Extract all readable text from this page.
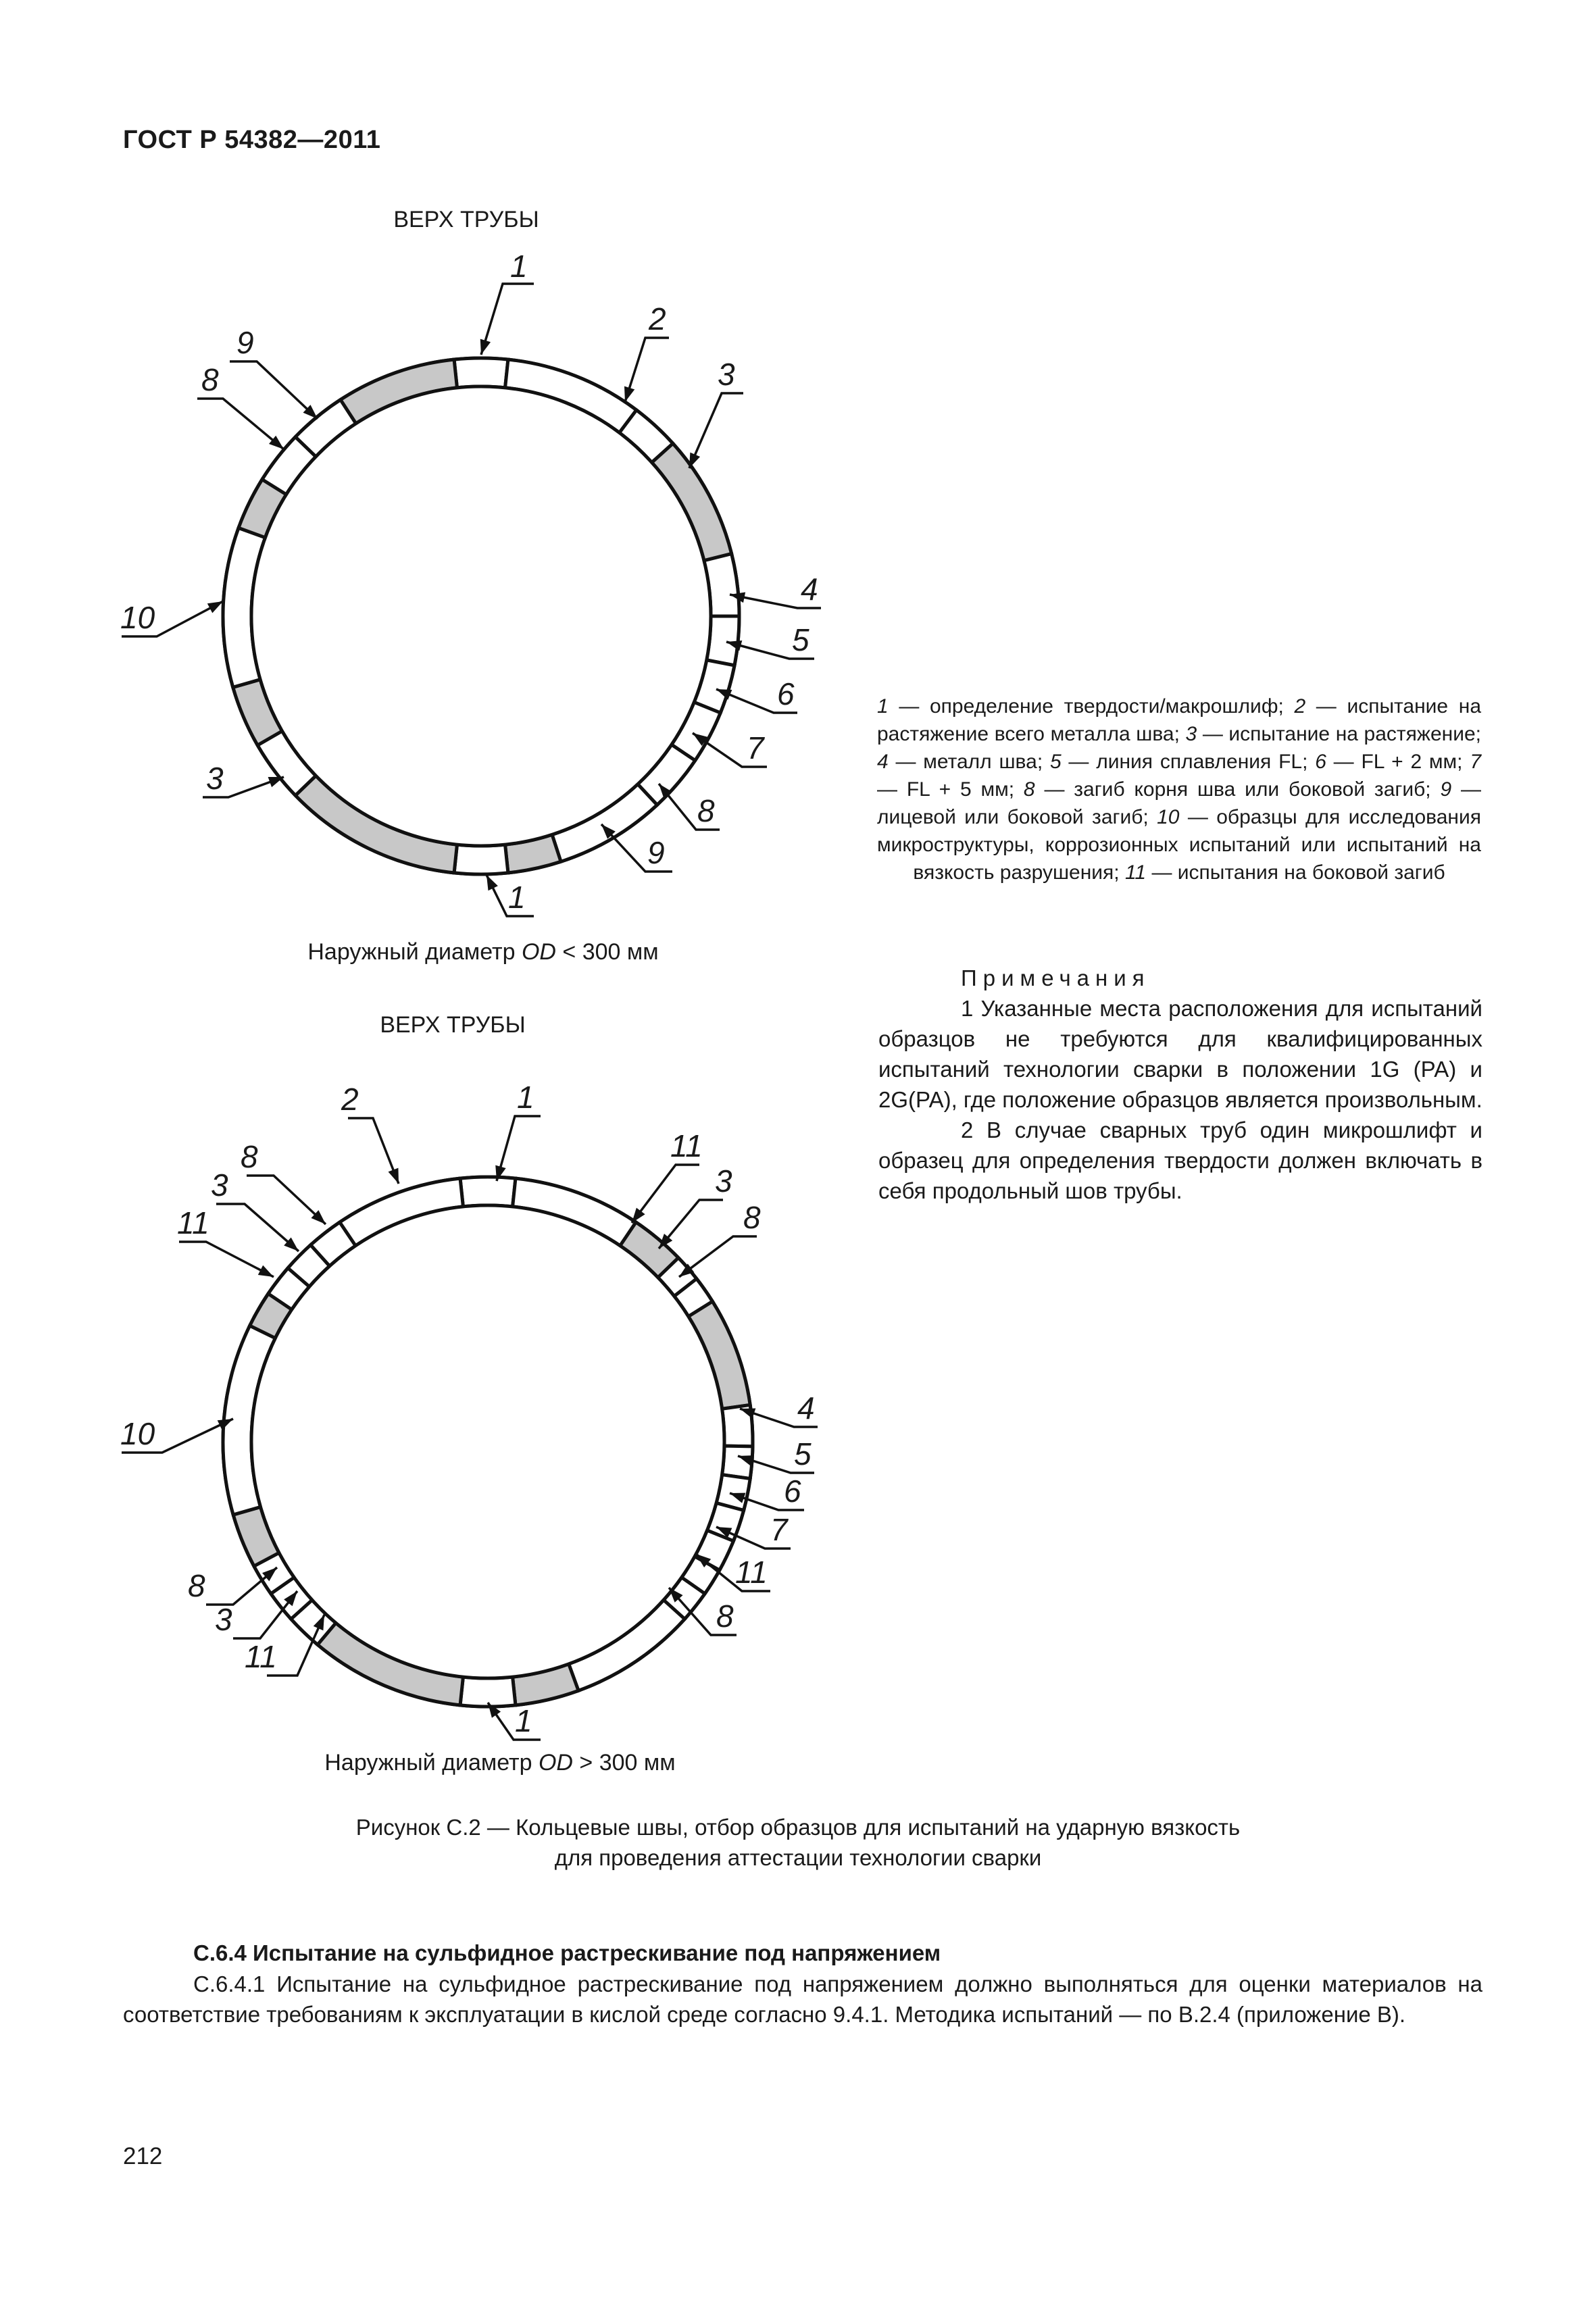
ГОСТ Р 54382—2011
1
2
3
4
5
6
7
8
9
1
3
8
9
10
1
2
11
3
8
4
5
6
7
11
8
1
11
3
8
10
11
3
8
ВЕРХ ТРУБЫ
Наружный диаметр OD < 300 мм
ВЕРХ ТРУБЫ
Наружный диаметр OD > 300 мм
1 — определение твердости/макрошлиф; 2 — испытание на растяжение всего металла шва; 3 — испытание на растяжение; 4 — металл шва; 5 — линия сплавления FL; 6 — FL + 2 мм; 7 — FL + 5 мм; 8 — загиб корня шва или боковой загиб; 9 — лицевой или боковой загиб; 10 — образцы для исследования микроструктуры, коррозионных испытаний или испытаний на вязкость разрушения; 11 — испытания на боковой загиб
Примечания
1 Указанные места расположения для испытаний образцов не требуются для квалифицированных испытаний технологии сварки в положении 1G (PA) и 2G(PA), где положение образцов является произвольным.
2 В случае сварных труб один микрошлифт и образец для определения твердости должен включать в себя продольный шов трубы.
Рисунок С.2 — Кольцевые швы, отбор образцов для испытаний на ударную вязкость
для проведения аттестации технологии сварки
С.6.4 Испытание на сульфидное растрескивание под напряжением
С.6.4.1 Испытание на сульфидное растрескивание под напряжением должно выполняться для оценки материалов на соответствие требованиям к эксплуатации в кислой среде согласно 9.4.1. Методика испытаний — по В.2.4 (приложение В).
212
